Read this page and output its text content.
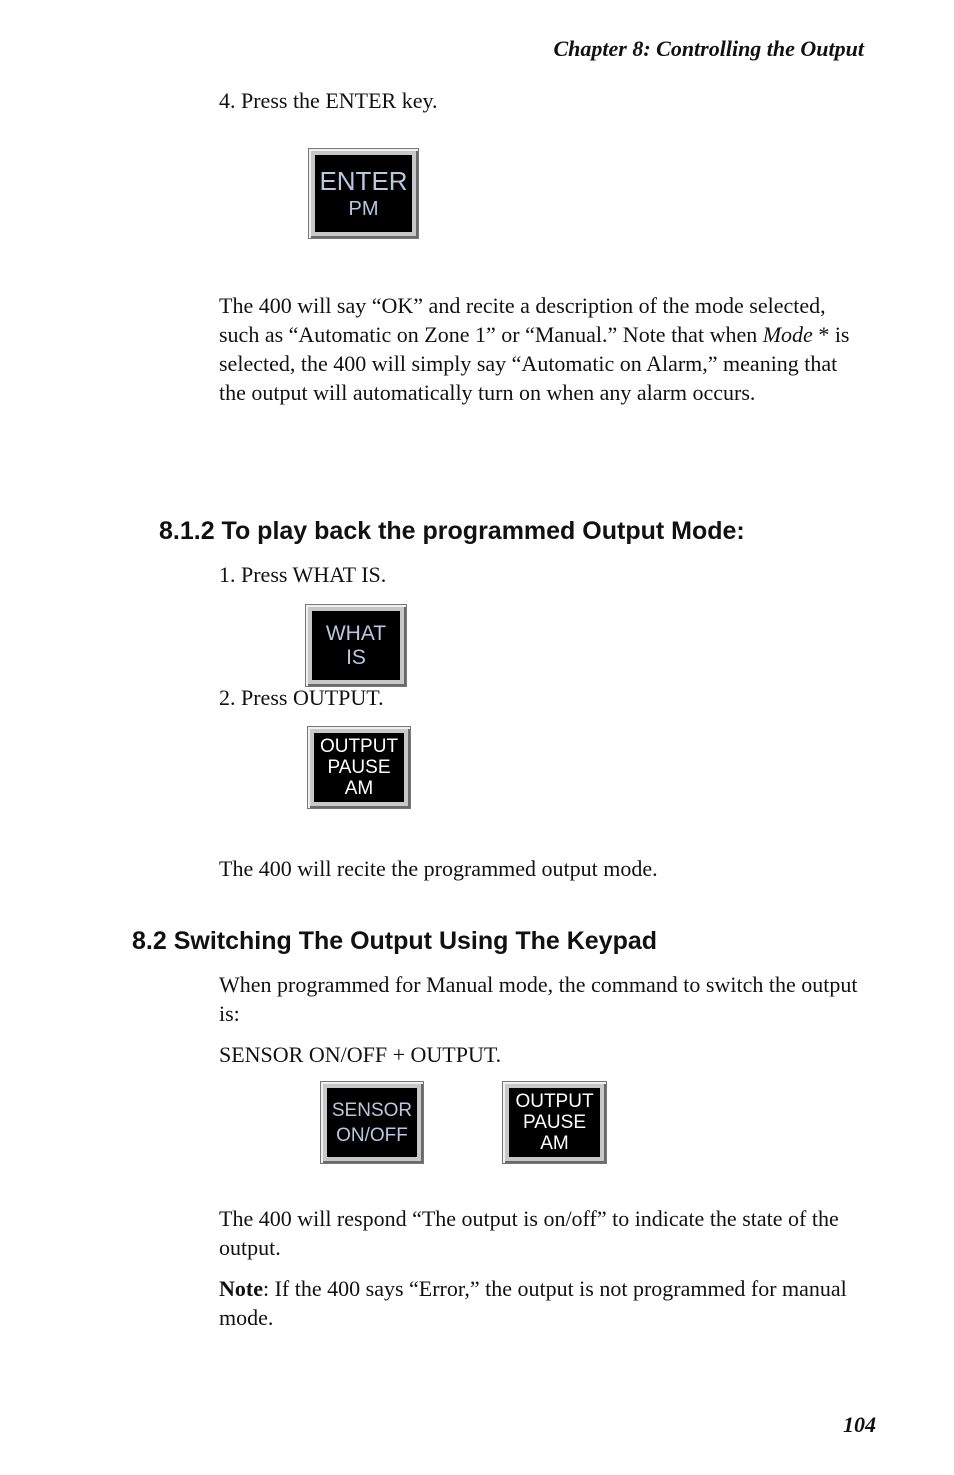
Chapter 8: Controlling the Output
4. Press the ENTER key.
ENTER
PM
The 400 will say “OK” and recite a description of the mode selected, such as “Automatic on Zone 1” or “Manual.” Note that when Mode * is selected, the 400 will simply say “Automatic on Alarm,” meaning that the output will automatically turn on when any alarm occurs.
8.1.2 To play back the programmed Output Mode:
1. Press WHAT IS.
WHAT
IS
2. Press OUTPUT.
OUTPUT
PAUSE
AM
The 400 will recite the programmed output mode.
8.2 Switching The Output Using The Keypad
When programmed for Manual mode, the command to switch the output is:
SENSOR ON/OFF + OUTPUT.
SENSOR
ON/OFF
OUTPUT
PAUSE
AM
The 400 will respond “The output is on/off” to indicate the state of the output.
Note: If the 400 says “Error,” the output is not programmed for manual mode.
104
